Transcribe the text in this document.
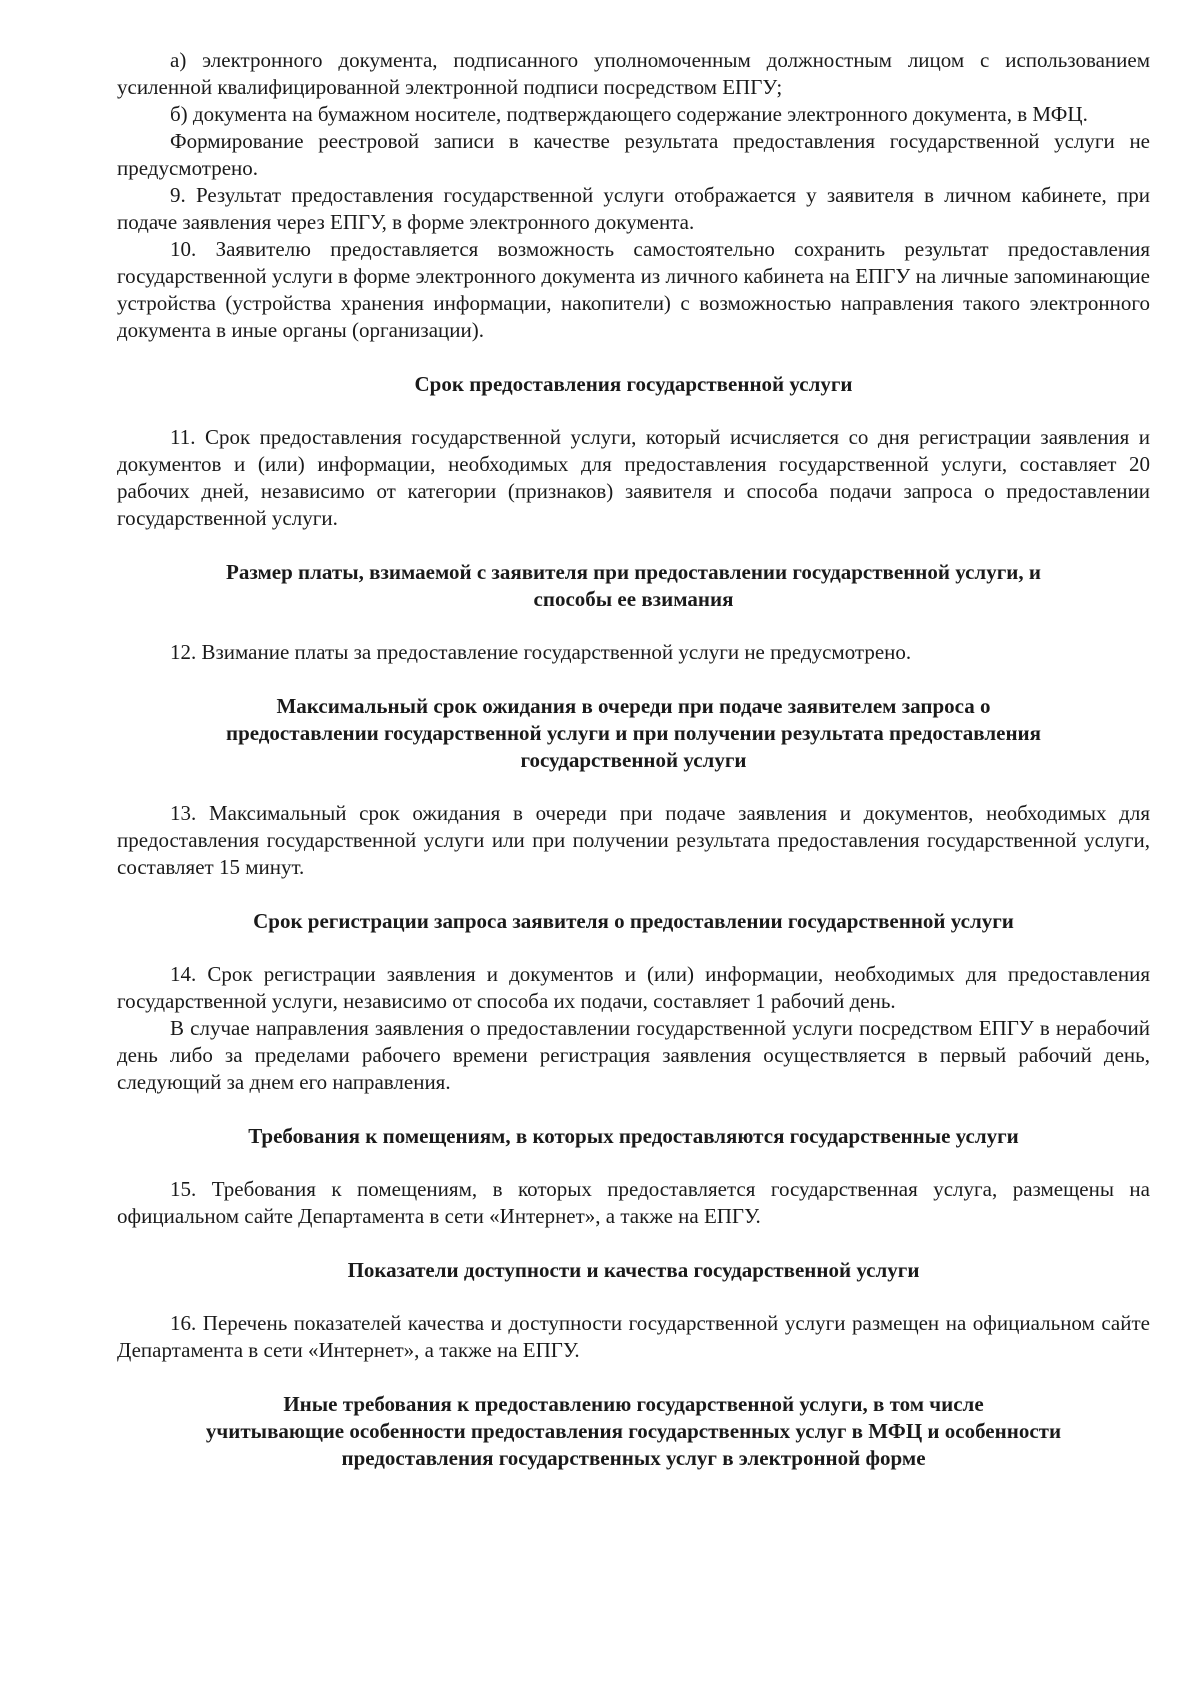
а) электронного документа, подписанного уполномоченным должностным лицом с использованием усиленной квалифицированной электронной подписи посредством ЕПГУ;

б) документа на бумажном носителе, подтверждающего содержание электронного документа, в МФЦ.

Формирование реестровой записи в качестве результата предоставления государственной услуги не предусмотрено.

9. Результат предоставления государственной услуги отображается у заявителя в личном кабинете, при подаче заявления через ЕПГУ, в форме электронного документа.

10. Заявителю предоставляется возможность самостоятельно сохранить результат предоставления государственной услуги в форме электронного документа из личного кабинета на ЕПГУ на личные запоминающие устройства (устройства хранения информации, накопители) с возможностью направления такого электронного документа в иные органы (организации).

Срок предоставления государственной услуги

11. Срок предоставления государственной услуги, который исчисляется со дня регистрации заявления и документов и (или) информации, необходимых для предоставления государственной услуги, составляет 20 рабочих дней, независимо от категории (признаков) заявителя и способа подачи запроса о предоставлении государственной услуги.

Размер платы, взимаемой с заявителя при предоставлении государственной услуги, и
способы ее взимания

12. Взимание платы за предоставление государственной услуги не предусмотрено.

Максимальный срок ожидания в очереди при подаче заявителем запроса о
предоставлении государственной услуги и при получении результата предоставления
государственной услуги

13. Максимальный срок ожидания в очереди при подаче заявления и документов, необходимых для предоставления государственной услуги или при получении результата предоставления государственной услуги, составляет 15 минут.

Срок регистрации запроса заявителя о предоставлении государственной услуги

14. Срок регистрации заявления и документов и (или) информации, необходимых для предоставления государственной услуги, независимо от способа их подачи, составляет 1 рабочий день.

В случае направления заявления о предоставлении государственной услуги посредством ЕПГУ в нерабочий день либо за пределами рабочего времени регистрация заявления осуществляется в первый рабочий день, следующий за днем его направления.

Требования к помещениям, в которых предоставляются государственные услуги

15. Требования к помещениям, в которых предоставляется государственная услуга, размещены на официальном сайте Департамента в сети «Интернет», а также на ЕПГУ.

Показатели доступности и качества государственной услуги

16. Перечень показателей качества и доступности государственной услуги размещен на официальном сайте Департамента в сети «Интернет», а также на ЕПГУ.

Иные требования к предоставлению государственной услуги, в том числе
учитывающие особенности предоставления государственных услуг в МФЦ и особенности
предоставления государственных услуг в электронной форме
